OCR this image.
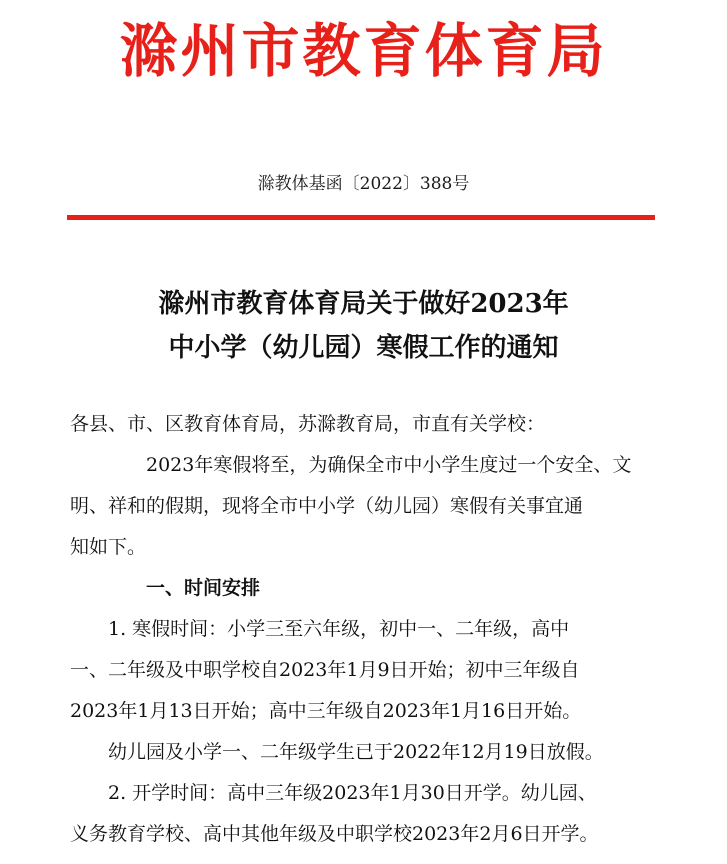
滁州市教育体育局
滁教体基函〔2022〕388号
滁州市教育体育局关于做好2023年
中小学（幼儿园）寒假工作的通知

各县、市、区教育体育局，苏滁教育局，市直有关学校：

2023年寒假将至，为确保全市中小学生度过一个安全、文
明、祥和的假期，现将全市中小学（幼儿园）寒假有关事宜通
知如下。

一、时间安排

1. 寒假时间：小学三至六年级，初中一、二年级，高中
一、二年级及中职学校自2023年1月9日开始；初中三年级自
2023年1月13日开始；高中三年级自2023年1月16日开始。

幼儿园及小学一、二年级学生已于2022年12月19日放假。

2. 开学时间：高中三年级2023年1月30日开学。幼儿园、
义务教育学校、高中其他年级及中职学校2023年2月6日开学。
